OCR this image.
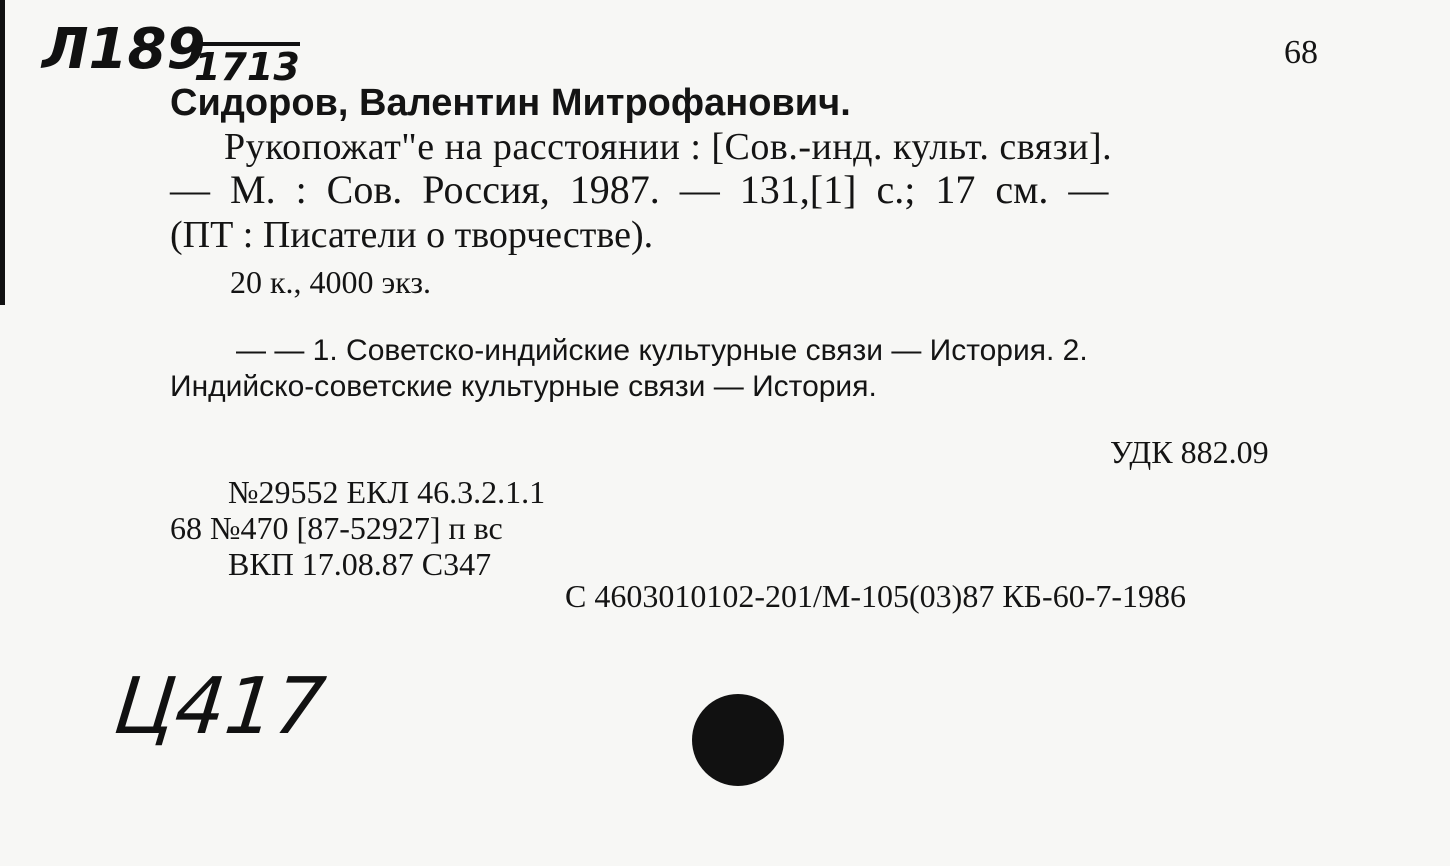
Л189
1713	68
Сидоров, Валентин Митрофанович.
Рукопожат"е на расстоянии : [Сов.-инд. культ. связи].
— М. : Сов. Россия, 1987. — 131,[1] с.; 17 см. —
(ПТ : Писатели о творчестве).
20 к., 4000 экз.
— — 1. Советско-индийские культурные связи — История. 2.
Индийско-советские культурные связи — История.
УДК 882.09
№29552 ЕКЛ 46.3.2.1.1
68 №470 [87-52927] п вс
ВКП 17.08.87 С347
С 4603010102-201/М-105(03)87 КБ-60-7-1986
Ц417
